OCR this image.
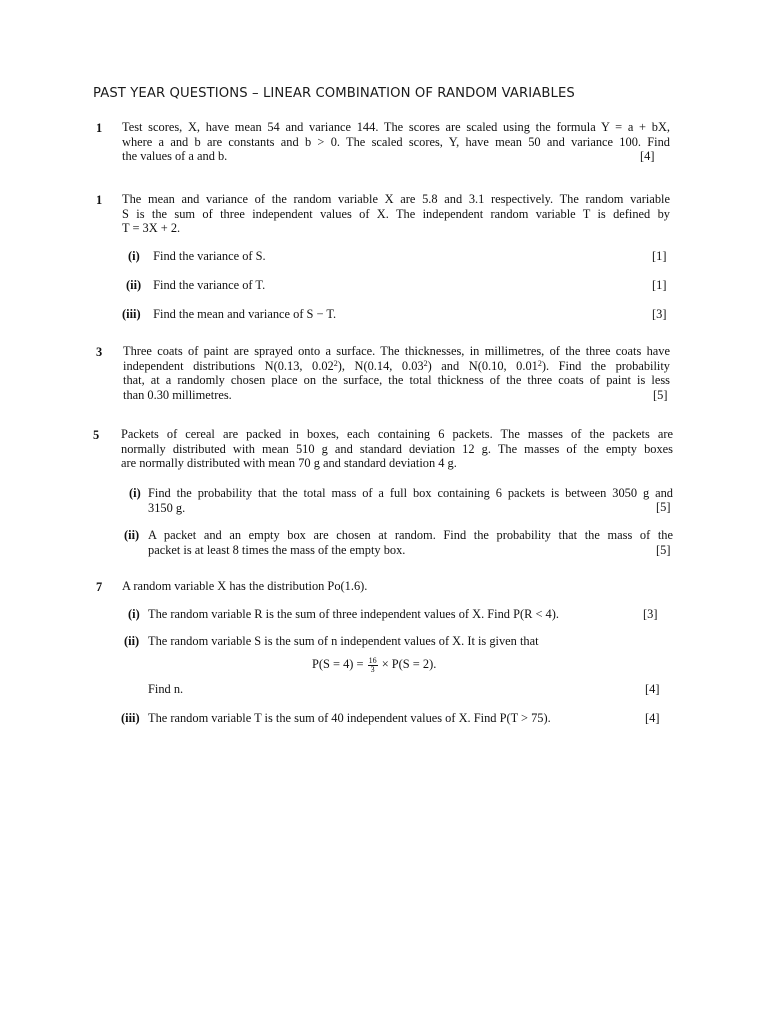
PAST YEAR QUESTIONS – LINEAR COMBINATION OF RANDOM VARIABLES
1 Test scores, X, have mean 54 and variance 144. The scores are scaled using the formula Y = a + bX,
where a and b are constants and b > 0. The scaled scores, Y, have mean 50 and variance 100. Find
the values of a and b.	[4]
1 The mean and variance of the random variable X are 5.8 and 3.1 respectively. The random variable
S is the sum of three independent values of X. The independent random variable T is defined by
T = 3X + 2.
(i) Find the variance of S.	[1]
(ii) Find the variance of T.	[1]
(iii) Find the mean and variance of S − T.	[3]
3 Three coats of paint are sprayed onto a surface. The thicknesses, in millimetres, of the three coats have
independent distributions N(0.13, 0.02$^2$), N(0.14, 0.03$^2$) and N(0.10, 0.01$^2$). Find the probability
that, at a randomly chosen place on the surface, the total thickness of the three coats of paint is less
than 0.30 millimetres.	[5]
5 Packets of cereal are packed in boxes, each containing 6 packets. The masses of the packets are
normally distributed with mean 510 g and standard deviation 12 g. The masses of the empty boxes
are normally distributed with mean 70 g and standard deviation 4 g.
(i) Find the probability that the total mass of a full box containing 6 packets is between 3050 g and
3150 g.	[5]
(ii) A packet and an empty box are chosen at random. Find the probability that the mass of the
packet is at least 8 times the mass of the empty box.	[5]
7 A random variable X has the distribution Po(1.6).
(i) The random variable R is the sum of three independent values of X. Find P(R < 4).	[3]
(ii) The random variable S is the sum of n independent values of X. It is given that
$P(S = 4) = \frac{16}{3} \times P(S = 2)$.
Find n.	[4]
(iii) The random variable T is the sum of 40 independent values of X. Find P(T > 75).	[4]
